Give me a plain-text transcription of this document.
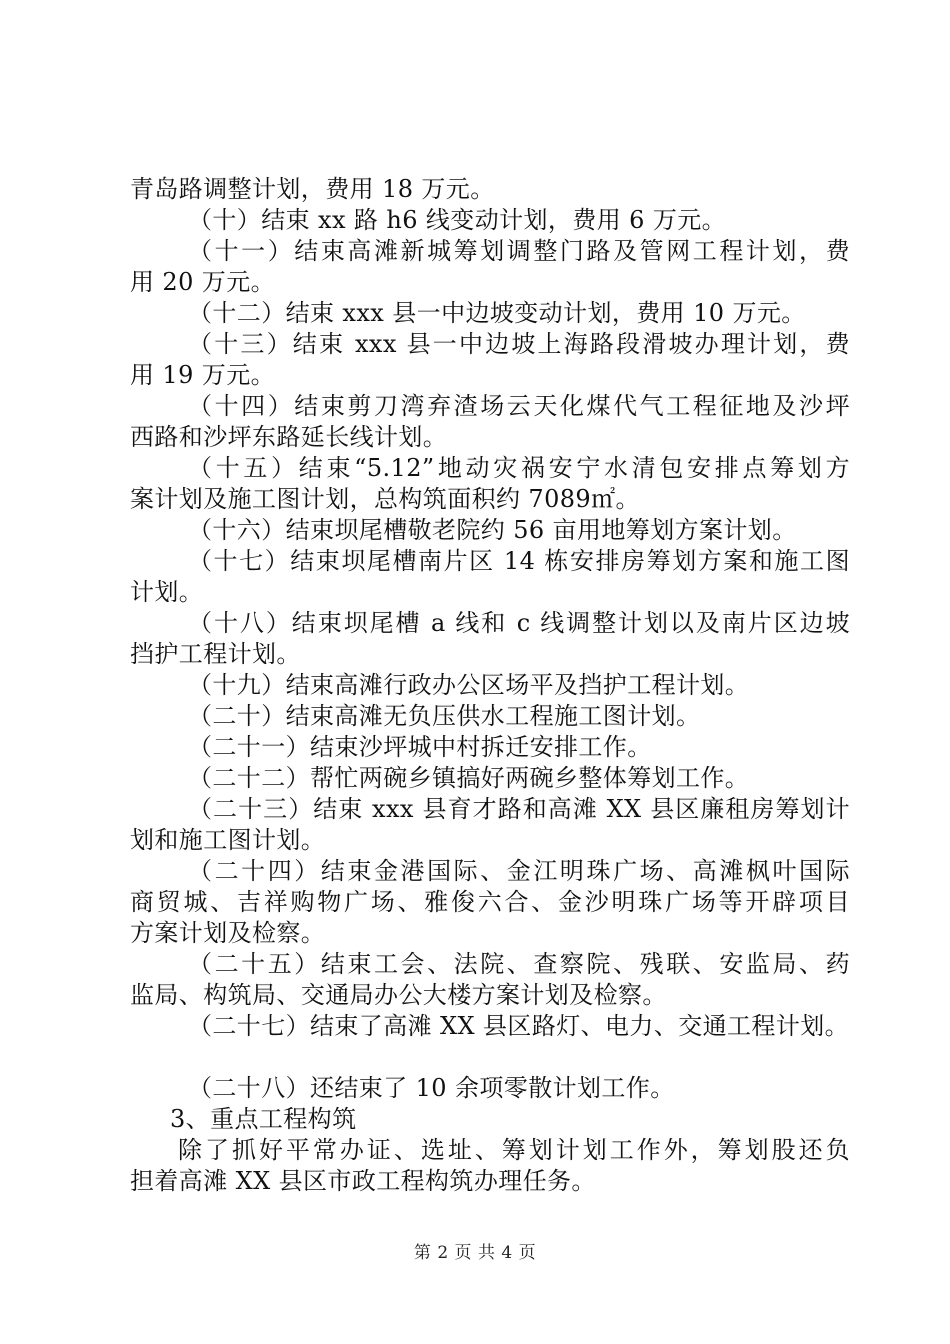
青岛路调整计划，费用 18 万元。
（十）结束 xx 路 h6 线变动计划，费用 6 万元。
（十一）结束高滩新城筹划调整门路及管网工程计划，费
用 20 万元。
（十二）结束 xxx 县一中边坡变动计划，费用 10 万元。
（十三）结束 xxx 县一中边坡上海路段滑坡办理计划，费
用 19 万元。
（十四）结束剪刀湾弃渣场云天化煤代气工程征地及沙坪
西路和沙坪东路延长线计划。
（十五）结束“5.12”地动灾祸安宁水清包安排点筹划方
案计划及施工图计划，总构筑面积约 7089㎡。
（十六）结束坝尾槽敬老院约 56 亩用地筹划方案计划。
（十七）结束坝尾槽南片区 14 栋安排房筹划方案和施工图
计划。
（十八）结束坝尾槽 a 线和 c 线调整计划以及南片区边坡
挡护工程计划。
（十九）结束高滩行政办公区场平及挡护工程计划。
（二十）结束高滩无负压供水工程施工图计划。
（二十一）结束沙坪城中村拆迁安排工作。
（二十二）帮忙两碗乡镇搞好两碗乡整体筹划工作。
（二十三）结束 xxx 县育才路和高滩 XX 县区廉租房筹划计
划和施工图计划。
（二十四）结束金港国际、金江明珠广场、高滩枫叶国际
商贸城、吉祥购物广场、雅俊六合、金沙明珠广场等开辟项目
方案计划及检察。
（二十五）结束工会、法院、查察院、残联、安监局、药
监局、构筑局、交通局办公大楼方案计划及检察。
（二十七）结束了高滩 XX 县区路灯、电力、交通工程计划。
（二十八）还结束了 10 余项零散计划工作。
3、重点工程构筑
除了抓好平常办证、选址、筹划计划工作外，筹划股还负
担着高滩 XX 县区市政工程构筑办理任务。
第 2 页 共 4 页
